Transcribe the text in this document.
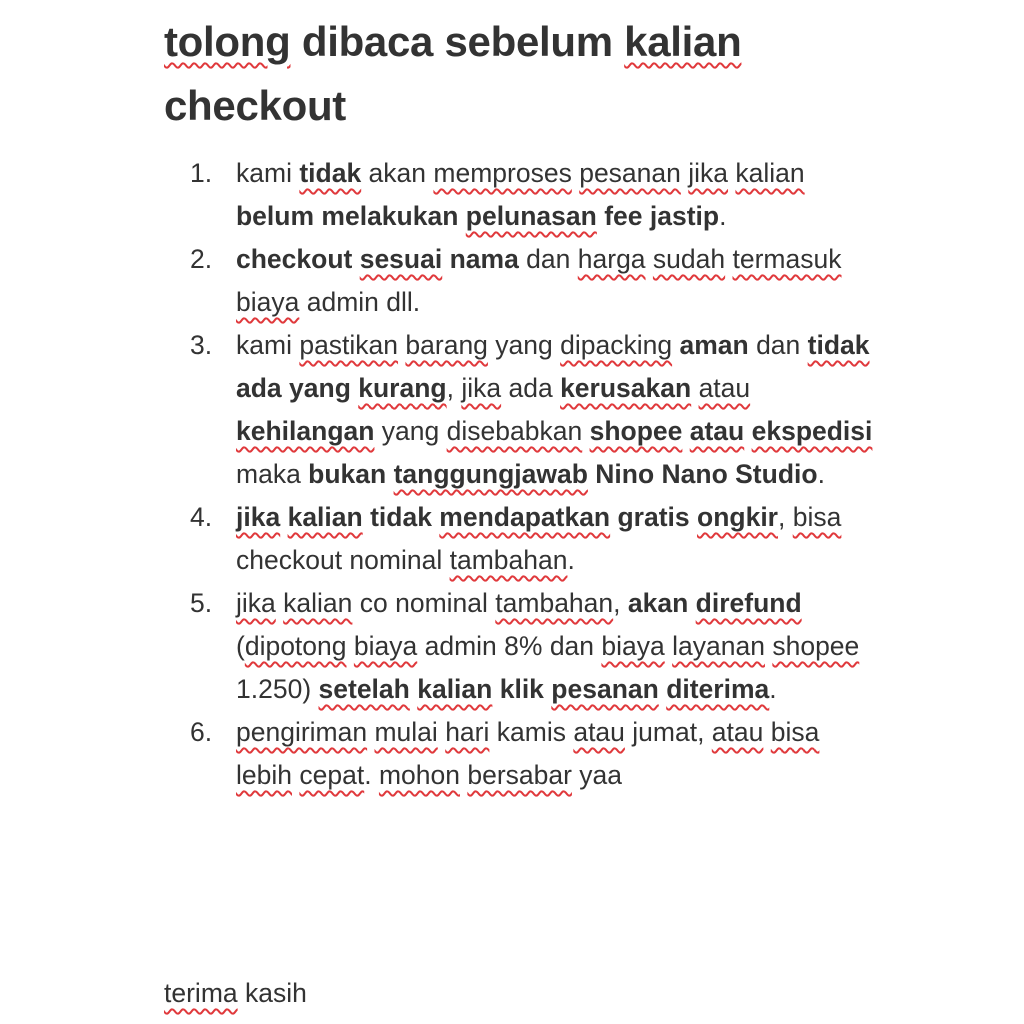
tolong dibaca sebelum kalian checkout
1. kami tidak akan memproses pesanan jika kalian belum melakukan pelunasan fee jastip.
2. checkout sesuai nama dan harga sudah termasuk biaya admin dll.
3. kami pastikan barang yang dipacking aman dan tidak ada yang kurang, jika ada kerusakan atau kehilangan yang disebabkan shopee atau ekspedisi maka bukan tanggungjawab Nino Nano Studio.
4. jika kalian tidak mendapatkan gratis ongkir, bisa checkout nominal tambahan.
5. jika kalian co nominal tambahan, akan direfund (dipotong biaya admin 8% dan biaya layanan shopee 1.250) setelah kalian klik pesanan diterima.
6. pengiriman mulai hari kamis atau jumat, atau bisa lebih cepat. mohon bersabar yaa

terima kasih
